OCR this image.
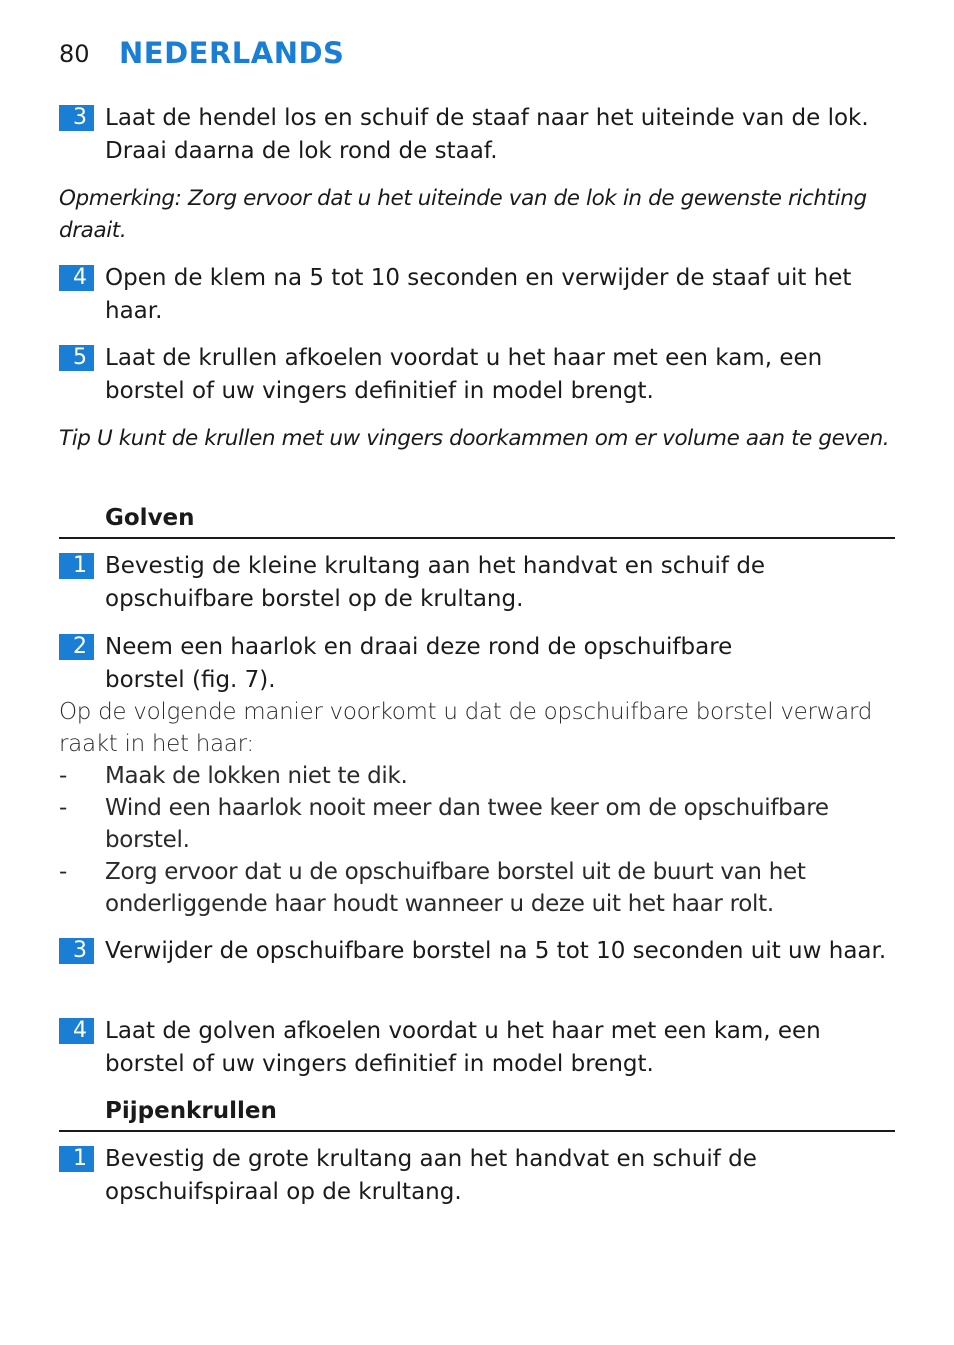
80 NEDERLANDS
3 Laat de hendel los en schuif de staaf naar het uiteinde van de lok. Draai daarna de lok rond de staaf.
Opmerking: Zorg ervoor dat u het uiteinde van de lok in de gewenste richting draait.
4 Open de klem na 5 tot 10 seconden en verwijder de staaf uit het haar.
5 Laat de krullen afkoelen voordat u het haar met een kam, een borstel of uw vingers definitief in model brengt.
Tip U kunt de krullen met uw vingers doorkammen om er volume aan te geven.
Golven
1 Bevestig de kleine krultang aan het handvat en schuif de opschuifbare borstel op de krultang.
2 Neem een haarlok en draai deze rond de opschuifbare borstel (fig. 7).
Op de volgende manier voorkomt u dat de opschuifbare borstel verward raakt in het haar:
-	Maak de lokken niet te dik.
-	Wind een haarlok nooit meer dan twee keer om de opschuifbare borstel.
-	Zorg ervoor dat u de opschuifbare borstel uit de buurt van het onderliggende haar houdt wanneer u deze uit het haar rolt.
3 Verwijder de opschuifbare borstel na 5 tot 10 seconden uit uw haar.
4 Laat de golven afkoelen voordat u het haar met een kam, een borstel of uw vingers definitief in model brengt.
Pijpenkrullen
1 Bevestig de grote krultang aan het handvat en schuif de opschuifspiraal op de krultang.
